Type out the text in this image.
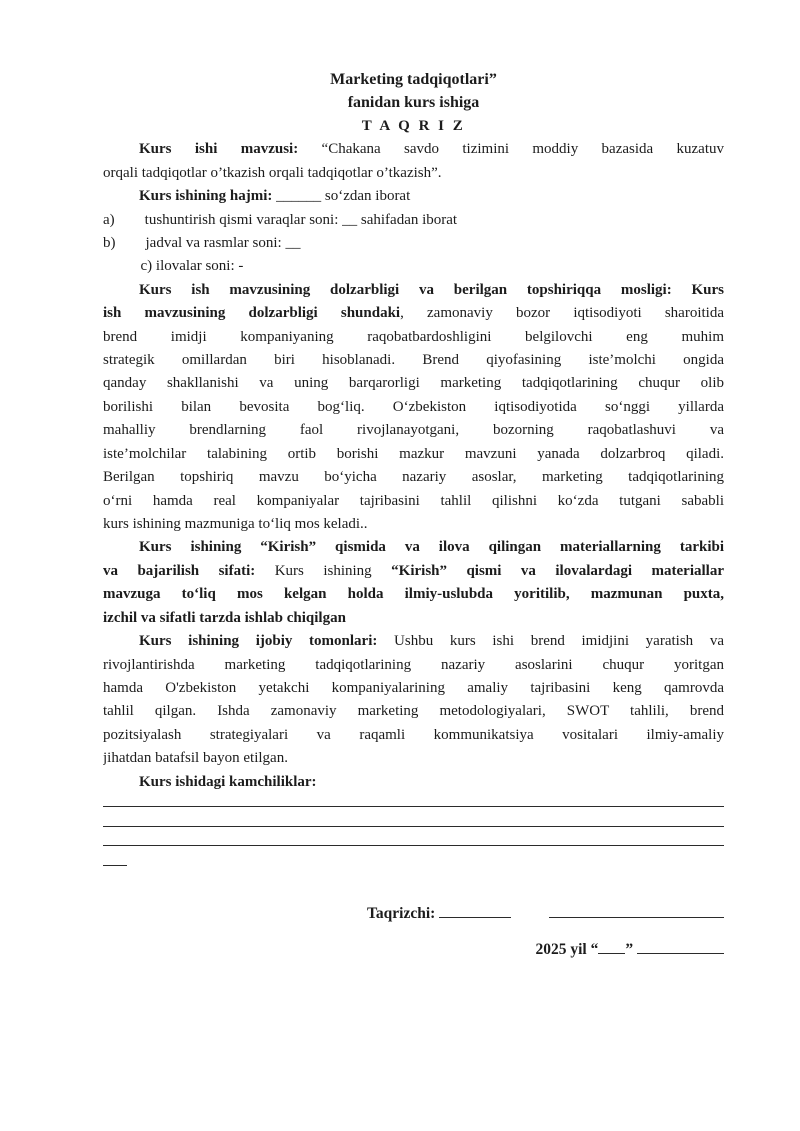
Marketing tadqiqotlari”
fanidan kurs ishiga
T A Q R I Z
Kurs ishi mavzusi: “Chakana savdo tizimini moddiy bazasida kuzatuv
orqali tadqiqotlar o’tkazish orqali tadqiqotlar o’tkazish”.
Kurs ishining hajmi: ______ so‘zdan iborat
a)        tushuntirish qismi varaqlar soni: __ sahifadan iborat
b)        jadval va rasmlar soni: __
c) ilovalar soni: -
Kurs ish mavzusining dolzarbligi va berilgan topshiriqqa mosligi: Kurs
ish mavzusining dolzarbligi shundaki, zamonaviy bozor iqtisodiyoti sharoitida
brend imidji kompaniyaning raqobatbardoshligini belgilovchi eng muhim
strategik omillardan biri hisoblanadi. Brend qiyofasining iste’molchi ongida
qanday shakllanishi va uning barqarorligi marketing tadqiqotlarining chuqur olib
borilishi bilan bevosita bog‘liq. O‘zbekiston iqtisodiyotida so‘nggi yillarda
mahalliy brendlarning faol rivojlanayotgani, bozorning raqobatlashuvi va
iste’molchilar talabining ortib borishi mazkur mavzuni yanada dolzarbroq qiladi.
Berilgan topshiriq mavzu bo‘yicha nazariy asoslar, marketing tadqiqotlarining
o‘rni hamda real kompaniyalar tajribasini tahlil qilishni ko‘zda tutgani sababli
kurs ishining mazmuniga to‘liq mos keladi..
Kurs ishining “Kirish” qismida va ilova qilingan materiallarning tarkibi
va bajarilish sifati: Kurs ishining “Kirish” qismi va ilovalardagi materiallar
mavzuga to‘liq mos kelgan holda ilmiy-uslubda yoritilib, mazmunan puxta,
izchil va sifatli tarzda ishlab chiqilgan
Kurs ishining ijobiy tomonlari: Ushbu kurs ishi brend imidjini yaratish va
rivojlantirishda marketing tadqiqotlarining nazariy asoslarini chuqur yoritgan
hamda O'zbekiston yetakchi kompaniyalarining amaliy tajribasini keng qamrovda
tahlil qilgan. Ishda zamonaviy marketing metodologiyalari, SWOT tahlili, brend
pozitsiyalash strategiyalari va raqamli kommunikatsiya vositalari ilmiy-amaliy
jihatdan batafsil bayon etilgan.
Kurs ishidagi kamchiliklar:
Taqrizchi:
2025 yil “ ”
